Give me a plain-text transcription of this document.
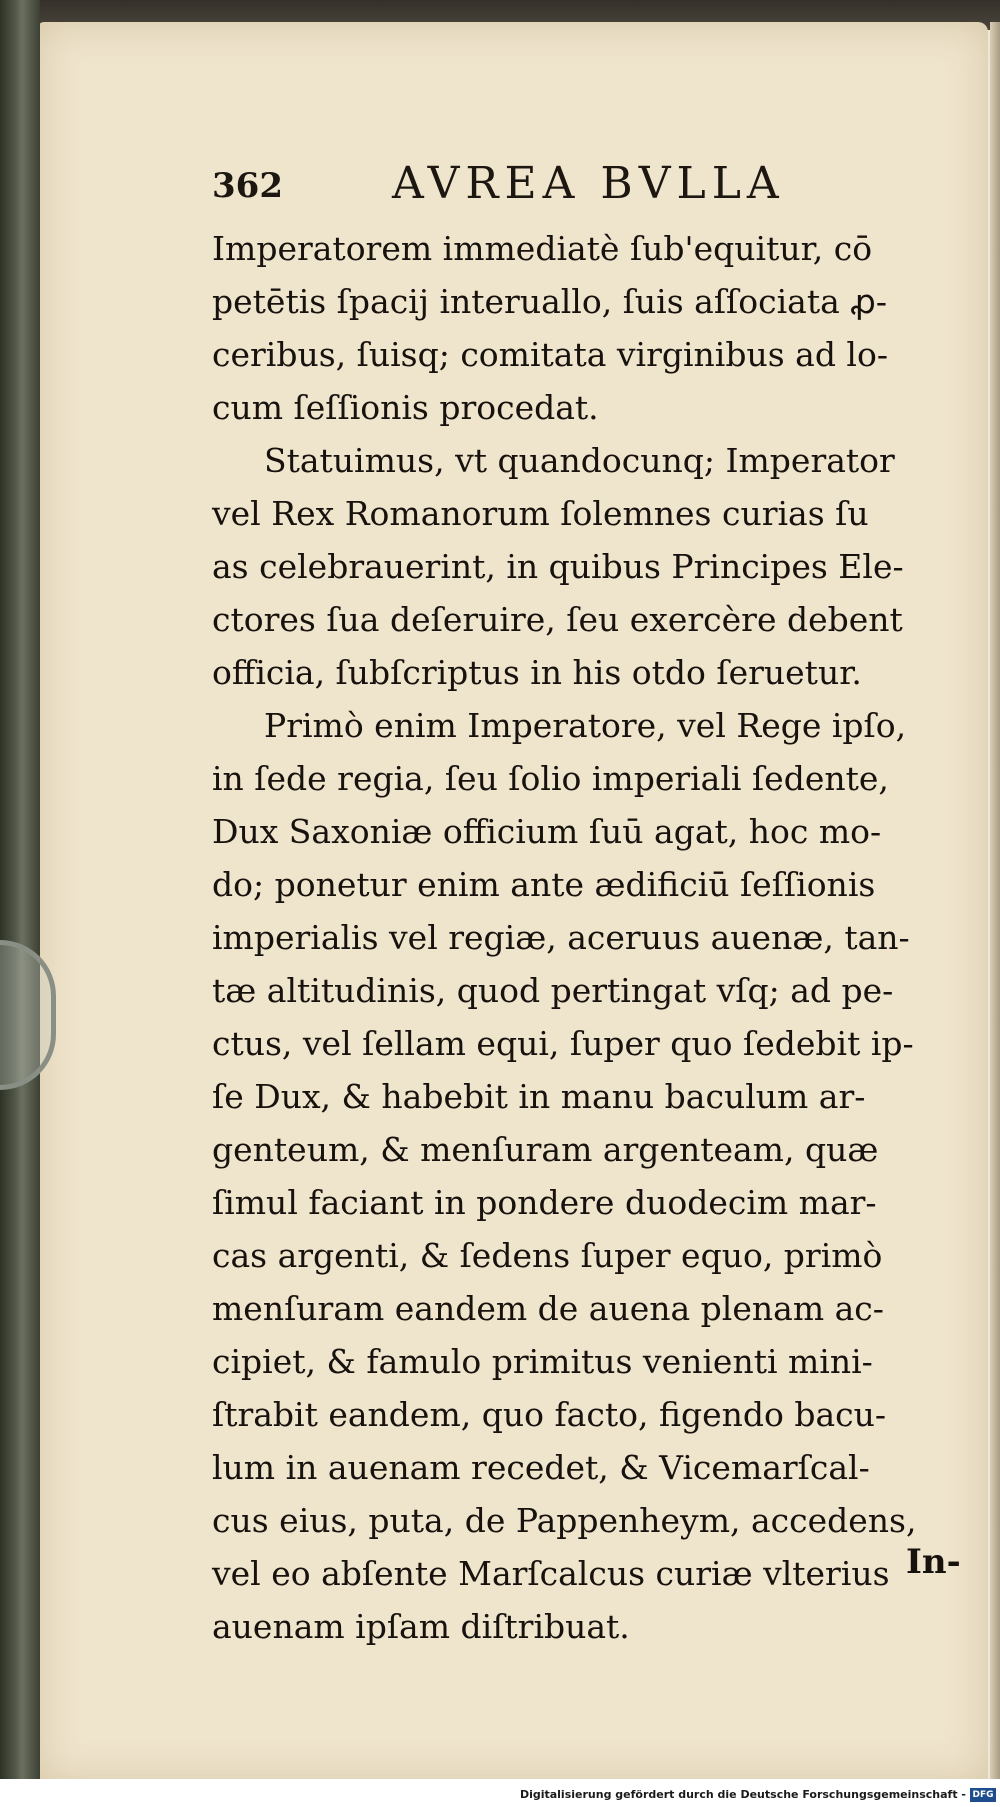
362 AVREA BVLLA
Imperatorem immediatè ſub'equitur, cō
petētis ſpacij interuallo, ſuis aſſociata ꝓ-
ceribus, ſuisq; comitata virginibus ad lo-
cum ſeſſionis procedat.
Statuimus, vt quandocunq; Imperator
vel Rex Romanorum ſolemnes curias ſu
as celebrauerint, in quibus Principes Ele-
ctores ſua deſeruire, ſeu exercère debent
officia, ſubſcriptus in his otdo ſeruetur.
Primò enim Imperatore, vel Rege ipſo,
in ſede regia, ſeu ſolio imperiali ſedente,
Dux Saxoniæ officium ſuū agat, hoc mo-
do; ponetur enim ante ædificiū ſeſſionis
imperialis vel regiæ, aceruus auenæ, tan-
tæ altitudinis, quod pertingat vſq; ad pe-
ctus, vel ſellam equi, ſuper quo ſedebit ip-
ſe Dux, & habebit in manu baculum ar-
genteum, & menſuram argenteam, quæ
ſimul faciant in pondere duodecim mar-
cas argenti, & ſedens ſuper equo, primò
menſuram eandem de auena plenam ac-
cipiet, & famulo primitus venienti mini-
ſtrabit eandem, quo facto, figendo bacu-
lum in auenam recedet, & Vicemarſcal-
cus eius, puta, de Pappenheym, accedens,
vel eo abſente Marſcalcus curiæ vlterius
auenam ipſam diſtribuat.
In-
Digitalisierung gefördert durch die Deutsche Forschungsgemeinschaft - DFG
